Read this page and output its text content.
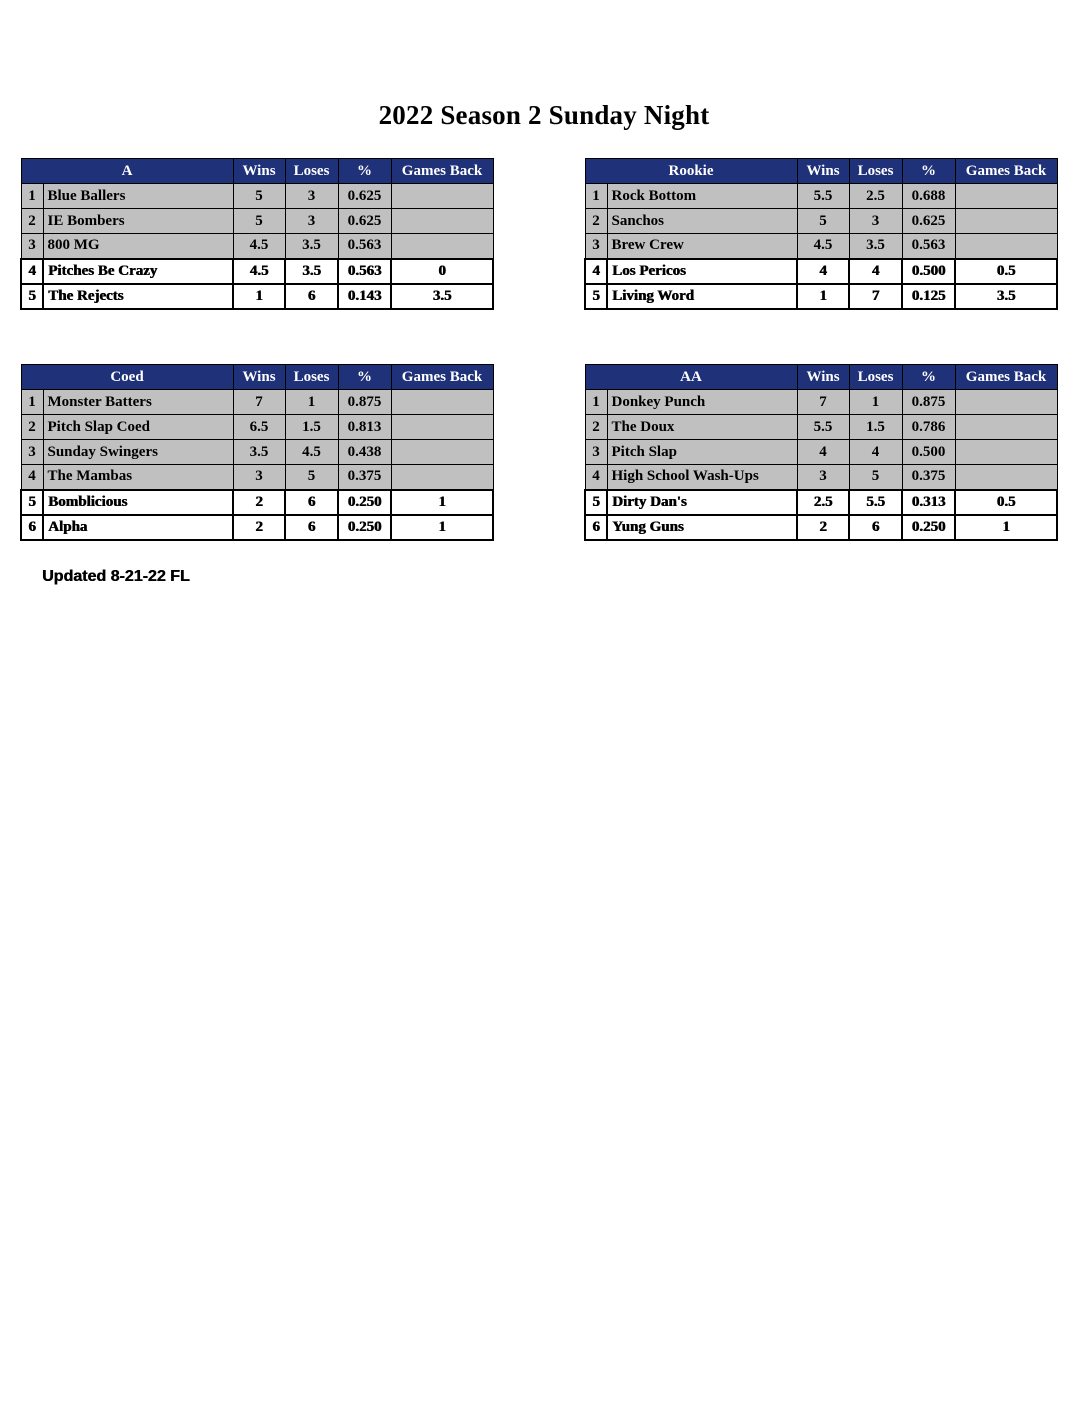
2022 Season 2 Sunday Night
A		Wins	Loses	%	Games Back
1	Blue Ballers	5	3	0.625	
2	IE Bombers	5	3	0.625	
3	800 MG	4.5	3.5	0.563	
4	Pitches Be Crazy	4.5	3.5	0.563	0
5	The Rejects	1	6	0.143	3.5
Rookie		Wins	Loses	%	Games Back
1	Rock Bottom	5.5	2.5	0.688	
2	Sanchos	5	3	0.625	
3	Brew Crew	4.5	3.5	0.563	
4	Los Pericos	4	4	0.500	0.5
5	Living Word	1	7	0.125	3.5
Coed		Wins	Loses	%	Games Back
1	Monster Batters	7	1	0.875	
2	Pitch Slap Coed	6.5	1.5	0.813	
3	Sunday Swingers	3.5	4.5	0.438	
4	The Mambas	3	5	0.375	
5	Bomblicious	2	6	0.250	1
6	Alpha	2	6	0.250	1
AA		Wins	Loses	%	Games Back
1	Donkey Punch	7	1	0.875	
2	The Doux	5.5	1.5	0.786	
3	Pitch Slap	4	4	0.500	
4	High School Wash-Ups	3	5	0.375	
5	Dirty Dan's	2.5	5.5	0.313	0.5
6	Yung Guns	2	6	0.250	1
Updated 8-21-22 FL
